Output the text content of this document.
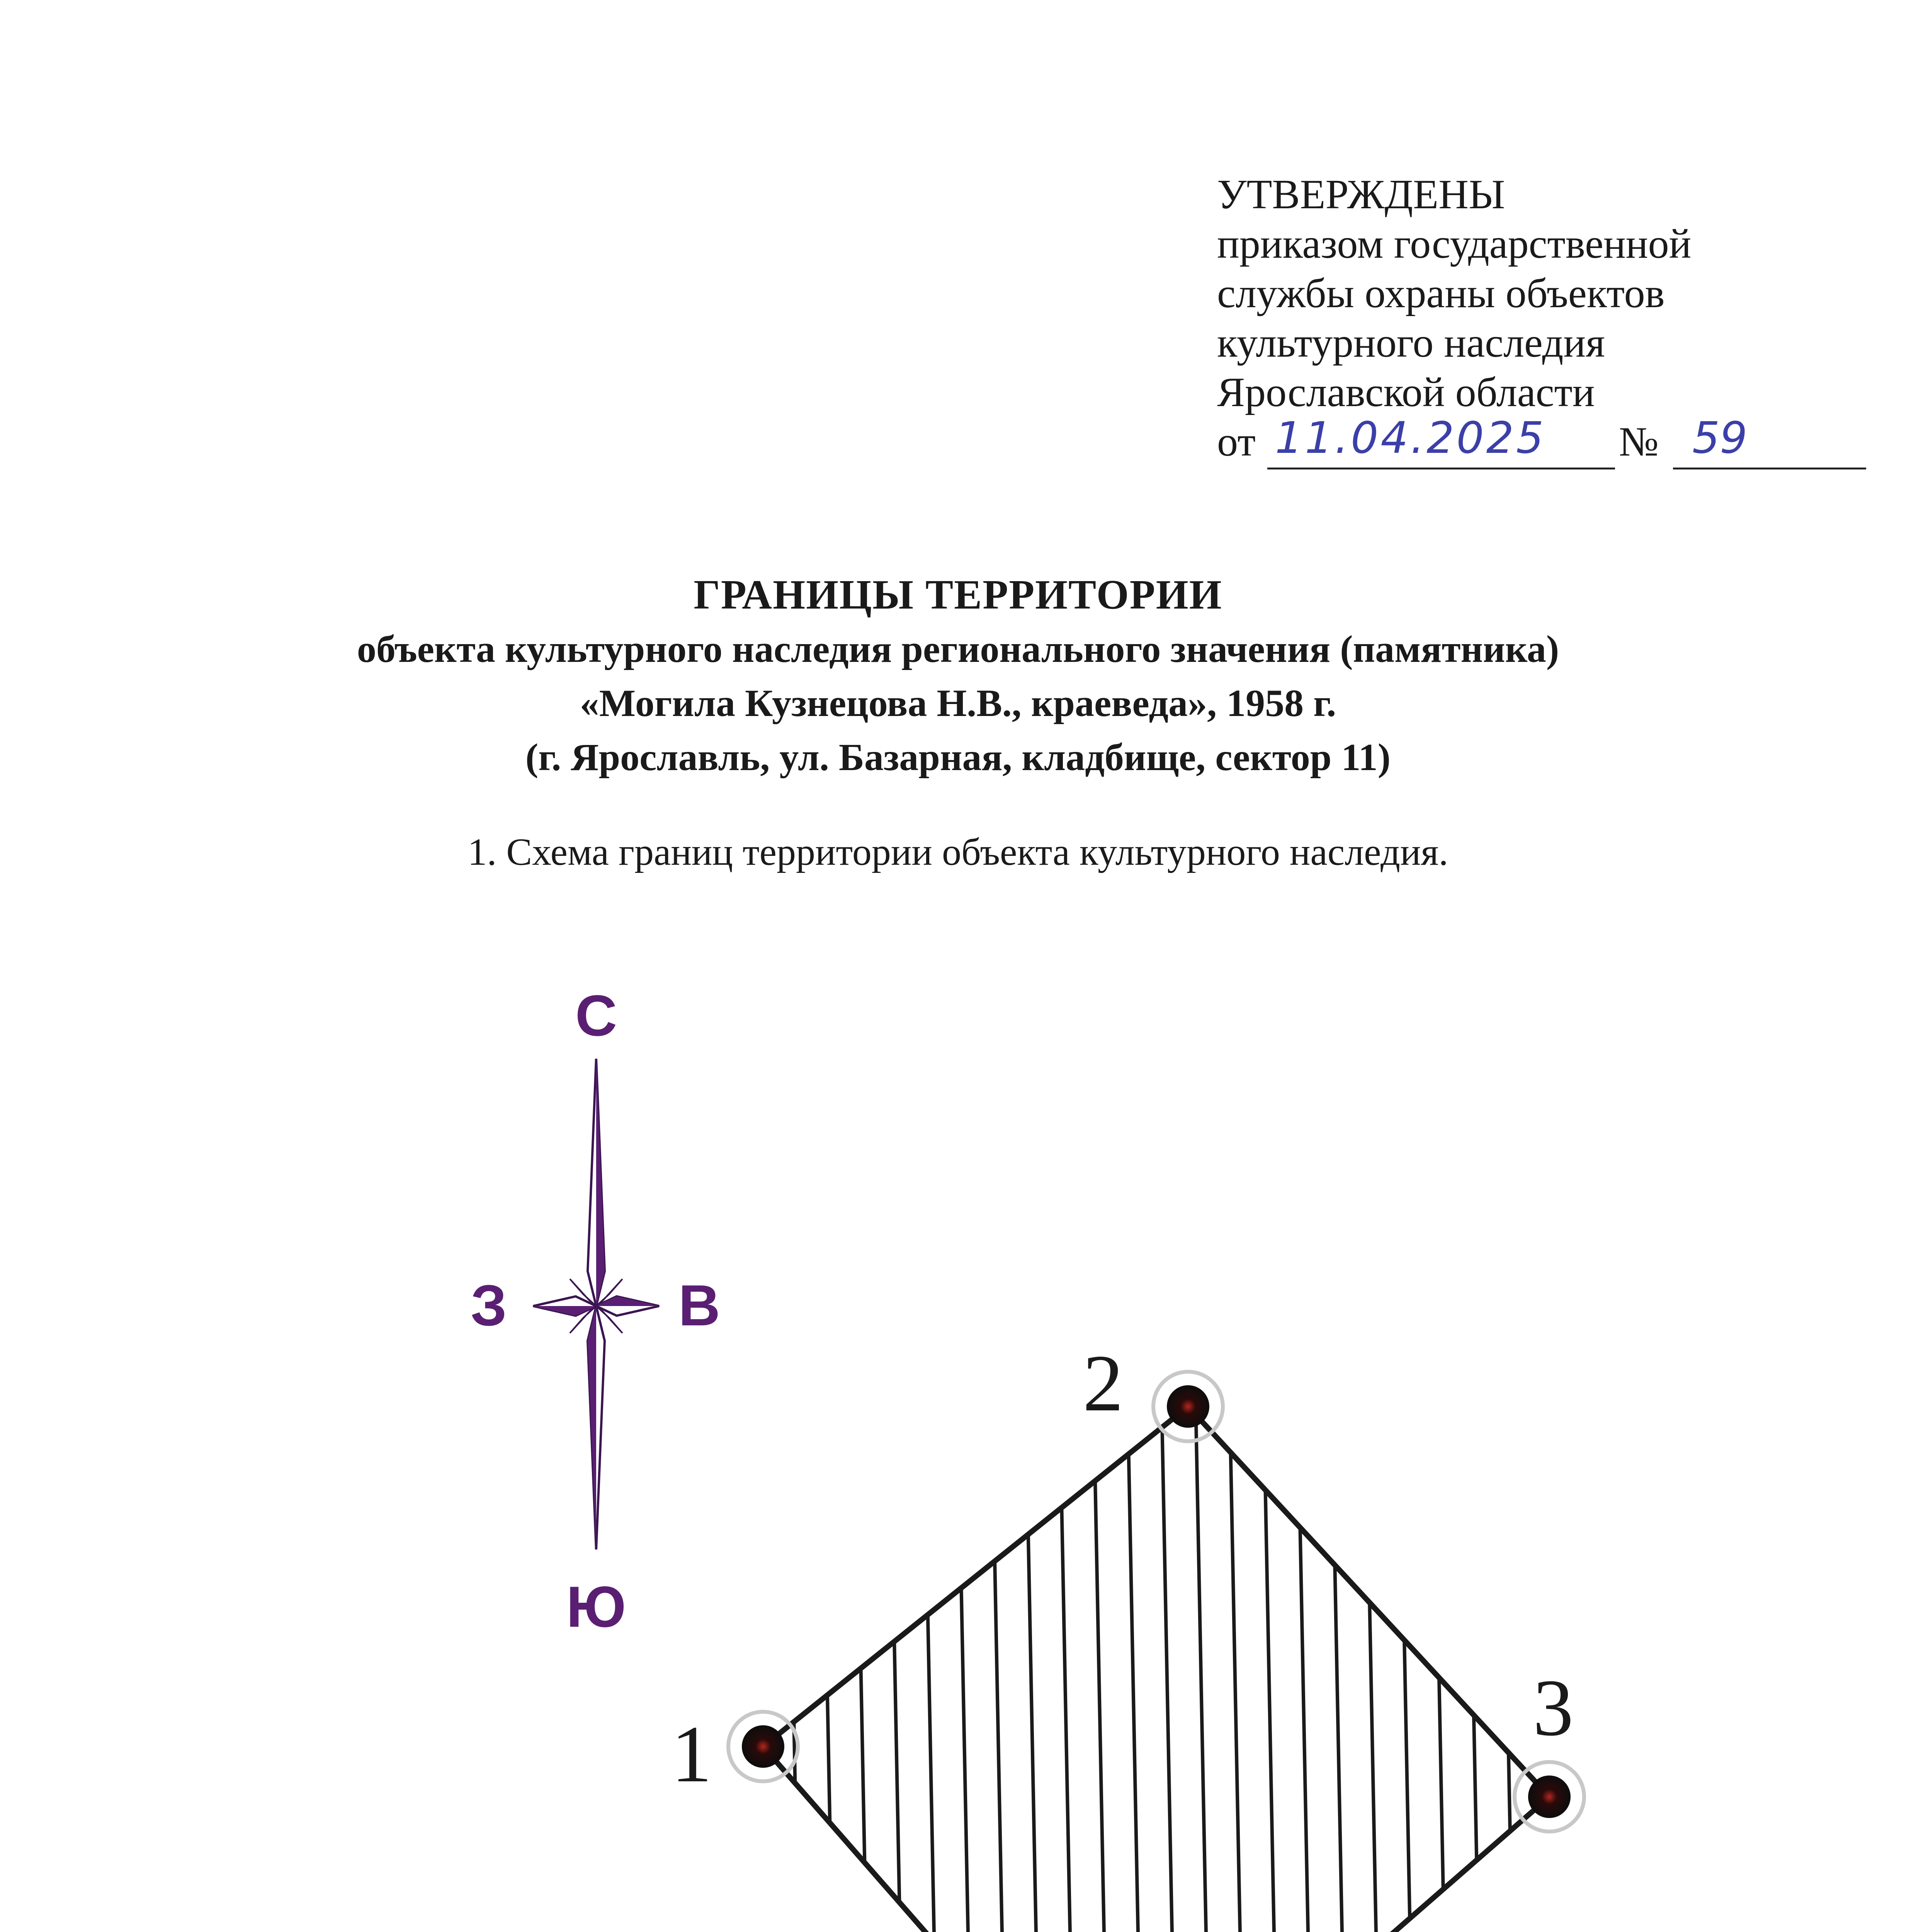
УТВЕРЖДЕНЫ
приказом государственной
службы охраны объектов
культурного наследия
Ярославской области
от 11.04.2025 № 59
ГРАНИЦЫ ТЕРРИТОРИИ
объекта культурного наследия регионального значения (памятника)
«Могила Кузнецова Н.В., краеведа», 1958 г.
(г. Ярославль, ул. Базарная, кладбище, сектор 11)
1. Схема границ территории объекта культурного наследия.
С
Ю
З	В
1
2
3
